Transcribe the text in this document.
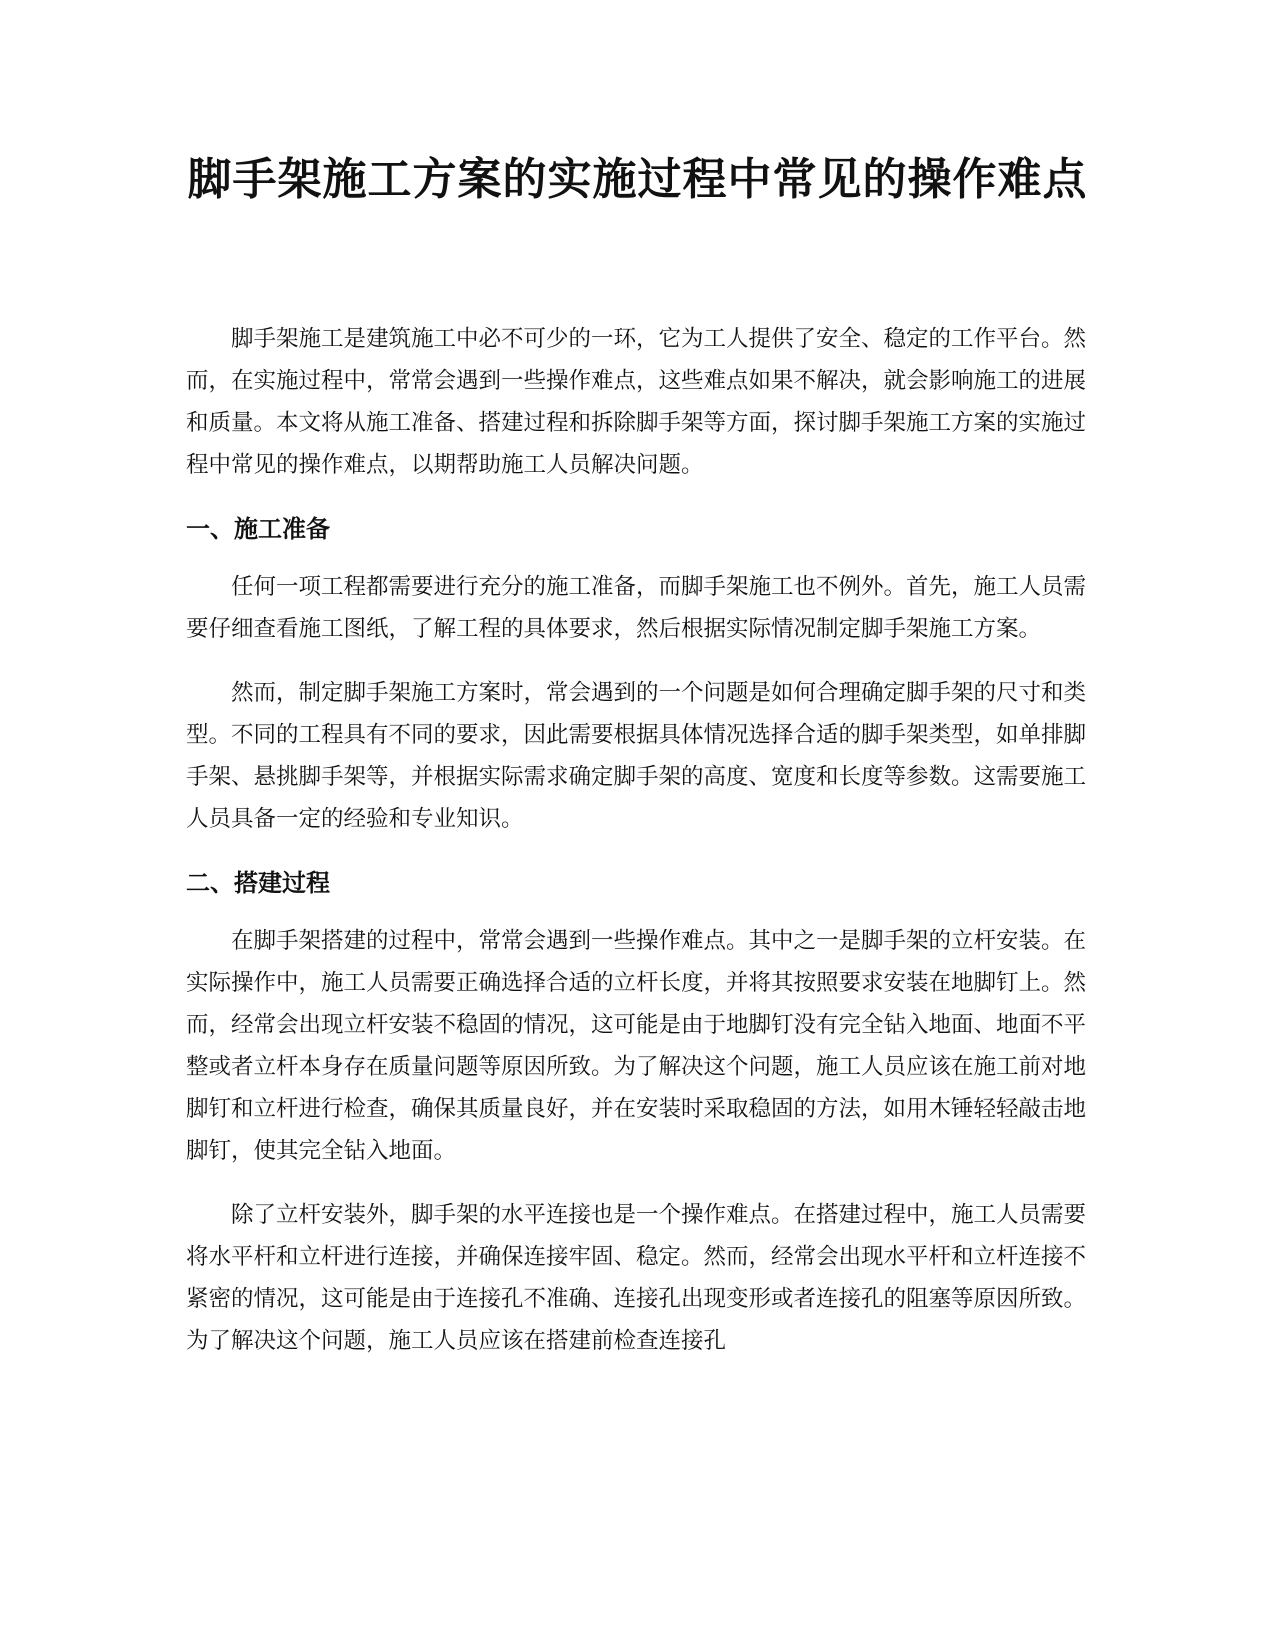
脚手架施工方案的实施过程中常见的操作难点

脚手架施工是建筑施工中必不可少的一环，它为工人提供了安全、稳定的工作平台。然而，在实施过程中，常常会遇到一些操作难点，这些难点如果不解决，就会影响施工的进展和质量。本文将从施工准备、搭建过程和拆除脚手架等方面，探讨脚手架施工方案的实施过程中常见的操作难点，以期帮助施工人员解决问题。

一、施工准备

任何一项工程都需要进行充分的施工准备，而脚手架施工也不例外。首先，施工人员需要仔细查看施工图纸，了解工程的具体要求，然后根据实际情况制定脚手架施工方案。

然而，制定脚手架施工方案时，常会遇到的一个问题是如何合理确定脚手架的尺寸和类型。不同的工程具有不同的要求，因此需要根据具体情况选择合适的脚手架类型，如单排脚手架、悬挑脚手架等，并根据实际需求确定脚手架的高度、宽度和长度等参数。这需要施工人员具备一定的经验和专业知识。

二、搭建过程

在脚手架搭建的过程中，常常会遇到一些操作难点。其中之一是脚手架的立杆安装。在实际操作中，施工人员需要正确选择合适的立杆长度，并将其按照要求安装在地脚钉上。然而，经常会出现立杆安装不稳固的情况，这可能是由于地脚钉没有完全钻入地面、地面不平整或者立杆本身存在质量问题等原因所致。为了解决这个问题，施工人员应该在施工前对地脚钉和立杆进行检查，确保其质量良好，并在安装时采取稳固的方法，如用木锤轻轻敲击地脚钉，使其完全钻入地面。

除了立杆安装外，脚手架的水平连接也是一个操作难点。在搭建过程中，施工人员需要将水平杆和立杆进行连接，并确保连接牢固、稳定。然而，经常会出现水平杆和立杆连接不紧密的情况，这可能是由于连接孔不准确、连接孔出现变形或者连接孔的阻塞等原因所致。为了解决这个问题，施工人员应该在搭建前检查连接孔
